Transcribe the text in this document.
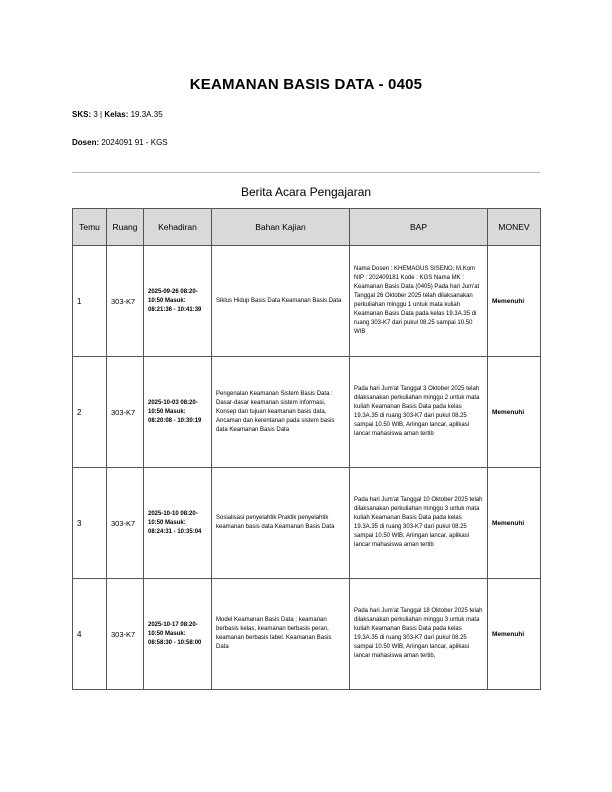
KEAMANAN BASIS DATA - 0405
SKS: 3 | Kelas: 19.3A.35
Dosen: 2024091 91 - KGS
Berita Acara Pengajaran
Temu	Ruang	Kehadiran	Bahan Kajian	BAP	MONEV
1	303-K7	2025-09-26 08:20-10:50 Masuk: 08:21:36 - 10:41:39	Siklus Hidup Basis Data Keamanan Basis Data	Nama Dosen : KHEMAGUS SISENO, M.Kom NIP : 202409181 Kode : KGS Nama MK : Keamanan Basis Data (0405) Pada hari Jum'at Tanggal 26 Oktober 2025 telah dilaksanakan perkuliahan minggu 1 untuk mata kuliah Keamanan Basis Data pada kelas 19.3A.35 di ruang 303-K7 dari pukul 08.25 sampai 10.50 WIB	Memenuhi
2	303-K7	2025-10-03 08:20-10:50 Masuk: 08:20:08 - 10:30:19	Pengenalan Keamanan Sistem Basis Data : Dasar-dasar keamanan sistem informasi, Konsep dan tujuan keamanan basis data, Ancaman dan kerentanan pada sistem basis data Keamanan Basis Data	Pada hari Jum'at Tanggal 3 Oktober 2025 telah dilaksanakan perkuliahan minggu 2 untuk mata kuliah Keamanan Basis Data pada kelas 19.3A.35 di ruang 303-K7 dari pukul 08.25 sampai 10.50 WIB, Ariingan lancar, aplikasi lancar mahasiswa aman tertib	Memenuhi
3	303-K7	2025-10-10 08:20-10:50 Masuk: 08:24:31 - 10:35:04	Sosialisasi penyelahtik Praktik penyelahtik keamanan basis data Keamanan Basis Data	Pada hari Jum'at Tanggal 10 Oktober 2025 telah dilaksanakan perkuliahan minggu 3 untuk mata kuliah Keamanan Basis Data pada kelas 19.3A.35 di ruang 303-K7 dari pukul 08.25 sampai 10.50 WIB, Ariingan lancar, aplikasi lancar mahasiswa aman tertib	Memenuhi
4	303-K7	2025-10-17 08:20-10:50 Masuk: 08:58:30 - 10:58:00	Model Keamanan Basis Data : keamanan berbasis kelas, keamanan berbasis peran, keamanan berbasis label. Keamanan Basis Data	Pada hari Jum'at Tanggal 18 Oktober 2025 telah dilaksanakan perkuliahan minggu 3 untuk mata kuliah Keamanan Basis Data pada kelas 19.3A.35 di ruang 303-K7 dari pukul 08.25 sampai 10.50 WIB, Ariingan lancar, aplikasi lancar mahasiswa aman tertib,	Memenuhi
